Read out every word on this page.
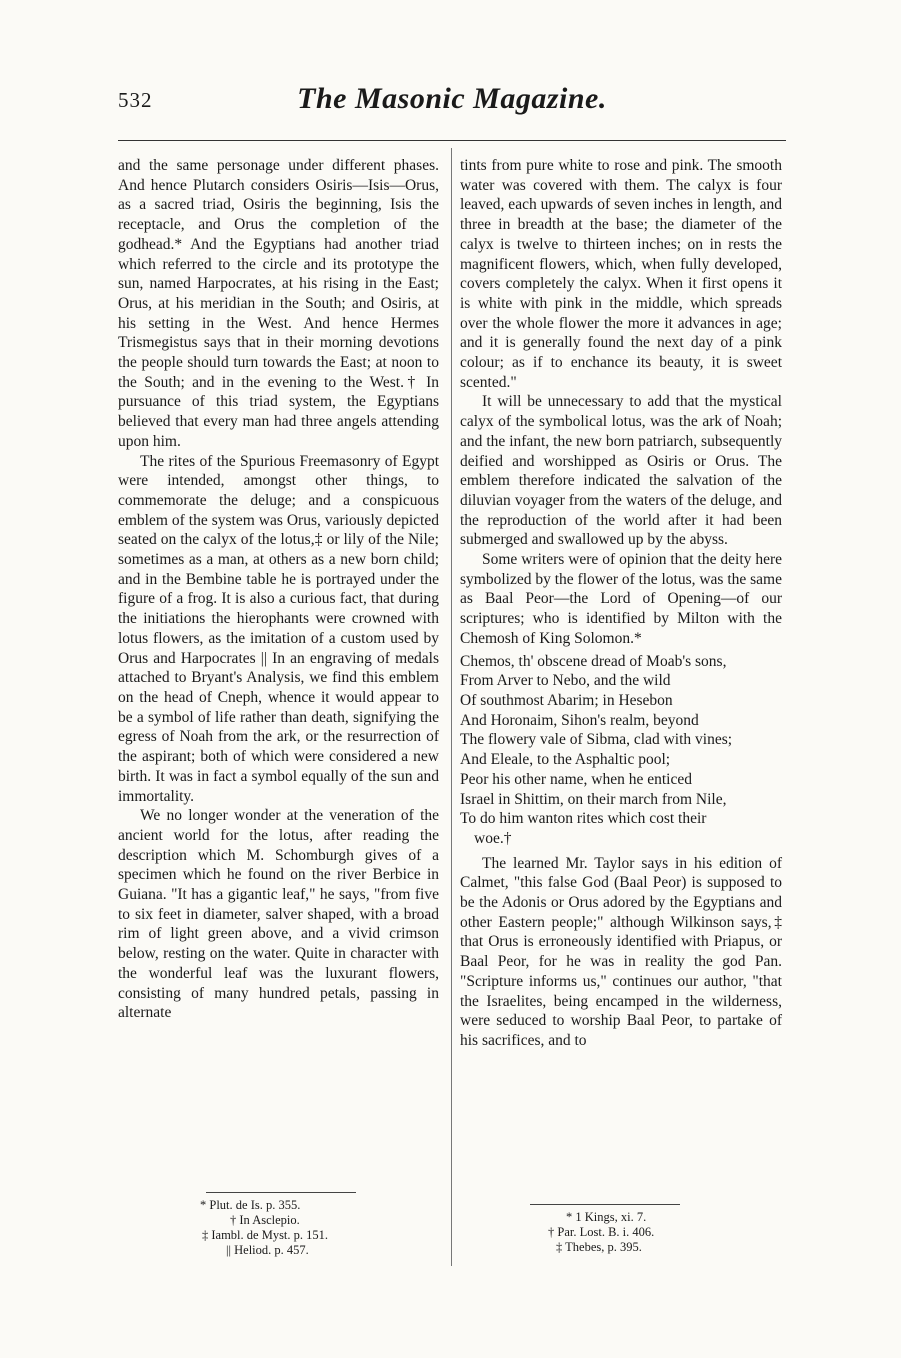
532	The Masonic Magazine.

and the same personage under different phases. And hence Plutarch considers Osiris—Isis—Orus, as a sacred triad, Osiris the beginning, Isis the receptacle, and Orus the completion of the godhead.* And the Egyptians had another triad which referred to the circle and its prototype the sun, named Harpocrates, at his rising in the East; Orus, at his meridian in the South; and Osiris, at his setting in the West. And hence Hermes Trismegistus says that in their morning devotions the people should turn towards the East; at noon to the South; and in the evening to the West.† In pursuance of this triad system, the Egyptians believed that every man had three angels attending upon him.

The rites of the Spurious Freemasonry of Egypt were intended, amongst other things, to commemorate the deluge; and a conspicuous emblem of the system was Orus, variously depicted seated on the calyx of the lotus,‡ or lily of the Nile; sometimes as a man, at others as a new born child; and in the Bembine table he is portrayed under the figure of a frog. It is also a curious fact, that during the initiations the hierophants were crowned with lotus flowers, as the imitation of a custom used by Orus and Harpocrates || In an engraving of medals attached to Bryant's Analysis, we find this emblem on the head of Cneph, whence it would appear to be a symbol of life rather than death, signifying the egress of Noah from the ark, or the resurrection of the aspirant; both of which were considered a new birth. It was in fact a symbol equally of the sun and immortality.

We no longer wonder at the veneration of the ancient world for the lotus, after reading the description which M. Schomburgh gives of a specimen which he found on the river Berbice in Guiana. "It has a gigantic leaf," he says, "from five to six feet in diameter, salver shaped, with a broad rim of light green above, and a vivid crimson below, resting on the water. Quite in character with the wonderful leaf was the luxurant flowers, consisting of many hundred petals, passing in alternate

tints from pure white to rose and pink. The smooth water was covered with them. The calyx is four leaved, each upwards of seven inches in length, and three in breadth at the base; the diameter of the calyx is twelve to thirteen inches; on in rests the magnificent flowers, which, when fully developed, covers completely the calyx. When it first opens it is white with pink in the middle, which spreads over the whole flower the more it advances in age; and it is generally found the next day of a pink colour; as if to enchance its beauty, it is sweet scented."

It will be unnecessary to add that the mystical calyx of the symbolical lotus, was the ark of Noah; and the infant, the new born patriarch, subsequently deified and worshipped as Osiris or Orus. The emblem therefore indicated the salvation of the diluvian voyager from the waters of the deluge, and the reproduction of the world after it had been submerged and swallowed up by the abyss.

Some writers were of opinion that the deity here symbolized by the flower of the lotus, was the same as Baal Peor—the Lord of Opening—of our scriptures; who is identified by Milton with the Chemosh of King Solomon.*

Chemos, th' obscene dread of Moab's sons,
From Arver to Nebo, and the wild
Of southmost Abarim; in Hesebon
And Horonaim, Sihon's realm, beyond
The flowery vale of Sibma, clad with vines;
And Eleale, to the Asphaltic pool;
Peor his other name, when he enticed
Israel in Shittim, on their march from Nile,
To do him wanton rites which cost their
woe.†

The learned Mr. Taylor says in his edition of Calmet, "this false God (Baal Peor) is supposed to be the Adonis or Orus adored by the Egyptians and other Eastern people;" although Wilkinson says,‡ that Orus is erroneously identified with Priapus, or Baal Peor, for he was in reality the god Pan. "Scripture informs us," continues our author, "that the Israelites, being encamped in the wilderness, were seduced to worship Baal Peor, to partake of his sacrifices, and to

* Plut. de Is. p. 355.
† In Asclepio.
‡ Iambl. de Myst. p. 151.
|| Heliod. p. 457.
* 1 Kings, xi. 7.
† Par. Lost. B. i. 406.
‡ Thebes, p. 395.
